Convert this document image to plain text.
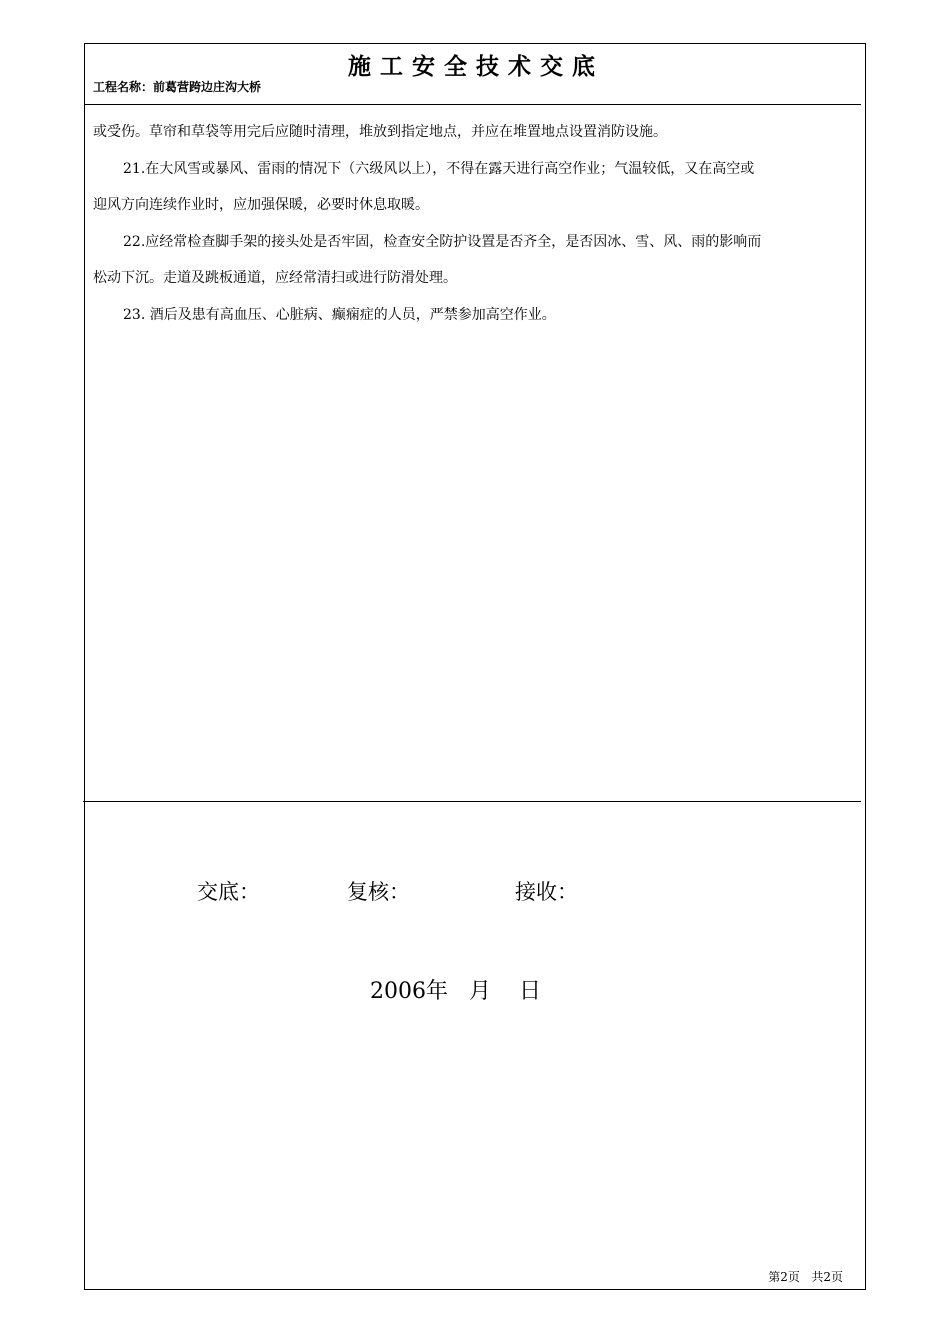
施工安全技术交底
工程名称：前葛营跨边庄沟大桥

或受伤。草帘和草袋等用完后应随时清理，堆放到指定地点，并应在堆置地点设置消防设施。

21.在大风雪或暴风、雷雨的情况下（六级风以上），不得在露天进行高空作业；气温较低，又在高空或

迎风方向连续作业时，应加强保暖，必要时休息取暖。

22.应经常检查脚手架的接头处是否牢固，检查安全防护设置是否齐全，是否因冰、雪、风、雨的影响而

松动下沉。走道及跳板通道，应经常清扫或进行防滑处理。

23. 酒后及患有高血压、心脏病、癫痫症的人员，严禁参加高空作业。

交底：	复核：	接收：
2006年   月    日
第2页   共2页
